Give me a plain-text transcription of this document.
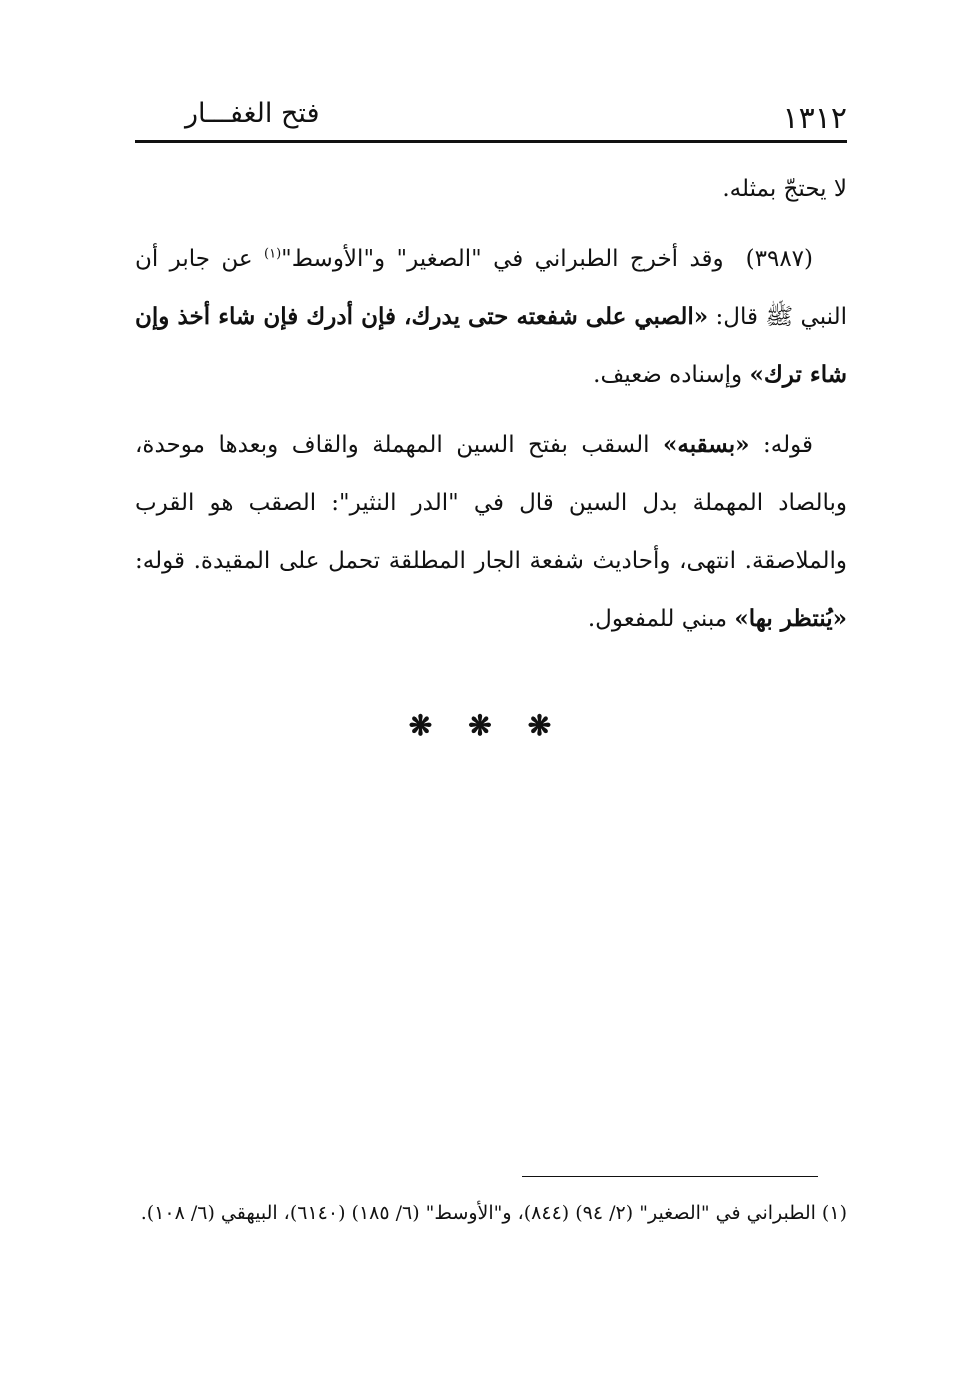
١٣١٢
فتح الغفـــار

لا يحتجّ بمثله.

(٣٩٨٧)وقد أخرج الطبراني في "الصغير" و"الأوسط"$^{(١)}$ عن جابر أن النبي ﷺ قال: «الصبي على شفعته حتى يدرك، فإن أدرك فإن شاء أخذ وإن شاء ترك» وإسناده ضعيف.

قوله: «بسقبه» السقب بفتح السين المهملة والقاف وبعدها موحدة، وبالصاد المهملة بدل السين قال في "الدر النثير": الصقب هو القرب والملاصقة. انتهى، وأحاديث شفعة الجار المطلقة تحمل على المقيدة. قوله: «يُنتظر بها» مبني للمفعول.

❋❋❋

(١) الطبراني في "الصغير" (٢/ ٩٤) (٨٤٤)، و"الأوسط" (٦/ ١٨٥) (٦١٤٠)، البيهقي (٦/ ١٠٨).
